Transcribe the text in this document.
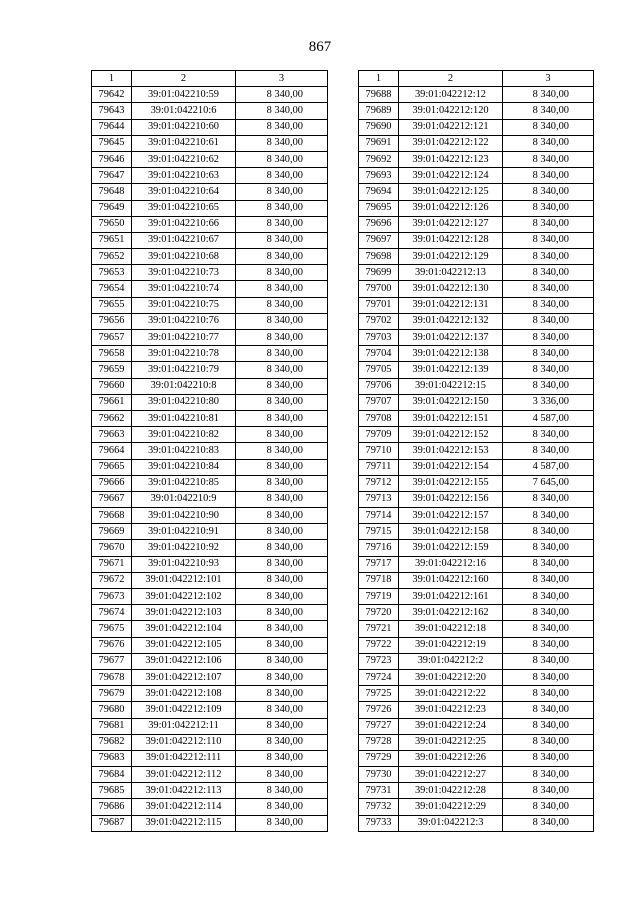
867
1	2	3
79642	39:01:042210:59	8 340,00
79643	39:01:042210:6	8 340,00
79644	39:01:042210:60	8 340,00
79645	39:01:042210:61	8 340,00
79646	39:01:042210:62	8 340,00
79647	39:01:042210:63	8 340,00
79648	39:01:042210:64	8 340,00
79649	39:01:042210:65	8 340,00
79650	39:01:042210:66	8 340,00
79651	39:01:042210:67	8 340,00
79652	39:01:042210:68	8 340,00
79653	39:01:042210:73	8 340,00
79654	39:01:042210:74	8 340,00
79655	39:01:042210:75	8 340,00
79656	39:01:042210:76	8 340,00
79657	39:01:042210:77	8 340,00
79658	39:01:042210:78	8 340,00
79659	39:01:042210:79	8 340,00
79660	39:01:042210:8	8 340,00
79661	39:01:042210:80	8 340,00
79662	39:01:042210:81	8 340,00
79663	39:01:042210:82	8 340,00
79664	39:01:042210:83	8 340,00
79665	39:01:042210:84	8 340,00
79666	39:01:042210:85	8 340,00
79667	39:01:042210:9	8 340,00
79668	39:01:042210:90	8 340,00
79669	39:01:042210:91	8 340,00
79670	39:01:042210:92	8 340,00
79671	39:01:042210:93	8 340,00
79672	39:01:042212:101	8 340,00
79673	39:01:042212:102	8 340,00
79674	39:01:042212:103	8 340,00
79675	39:01:042212:104	8 340,00
79676	39:01:042212:105	8 340,00
79677	39:01:042212:106	8 340,00
79678	39:01:042212:107	8 340,00
79679	39:01:042212:108	8 340,00
79680	39:01:042212:109	8 340,00
79681	39:01:042212:11	8 340,00
79682	39:01:042212:110	8 340,00
79683	39:01:042212:111	8 340,00
79684	39:01:042212:112	8 340,00
79685	39:01:042212:113	8 340,00
79686	39:01:042212:114	8 340,00
79687	39:01:042212:115	8 340,00
1	2	3
79688	39:01:042212:12	8 340,00
79689	39:01:042212:120	8 340,00
79690	39:01:042212:121	8 340,00
79691	39:01:042212:122	8 340,00
79692	39:01:042212:123	8 340,00
79693	39:01:042212:124	8 340,00
79694	39:01:042212:125	8 340,00
79695	39:01:042212:126	8 340,00
79696	39:01:042212:127	8 340,00
79697	39:01:042212:128	8 340,00
79698	39:01:042212:129	8 340,00
79699	39:01:042212:13	8 340,00
79700	39:01:042212:130	8 340,00
79701	39:01:042212:131	8 340,00
79702	39:01:042212:132	8 340,00
79703	39:01:042212:137	8 340,00
79704	39:01:042212:138	8 340,00
79705	39:01:042212:139	8 340,00
79706	39:01:042212:15	8 340,00
79707	39:01:042212:150	3 336,00
79708	39:01:042212:151	4 587,00
79709	39:01:042212:152	8 340,00
79710	39:01:042212:153	8 340,00
79711	39:01:042212:154	4 587,00
79712	39:01:042212:155	7 645,00
79713	39:01:042212:156	8 340,00
79714	39:01:042212:157	8 340,00
79715	39:01:042212:158	8 340,00
79716	39:01:042212:159	8 340,00
79717	39:01:042212:16	8 340,00
79718	39:01:042212:160	8 340,00
79719	39:01:042212:161	8 340,00
79720	39:01:042212:162	8 340,00
79721	39:01:042212:18	8 340,00
79722	39:01:042212:19	8 340,00
79723	39:01:042212:2	8 340,00
79724	39:01:042212:20	8 340,00
79725	39:01:042212:22	8 340,00
79726	39:01:042212:23	8 340,00
79727	39:01:042212:24	8 340,00
79728	39:01:042212:25	8 340,00
79729	39:01:042212:26	8 340,00
79730	39:01:042212:27	8 340,00
79731	39:01:042212:28	8 340,00
79732	39:01:042212:29	8 340,00
79733	39:01:042212:3	8 340,00
